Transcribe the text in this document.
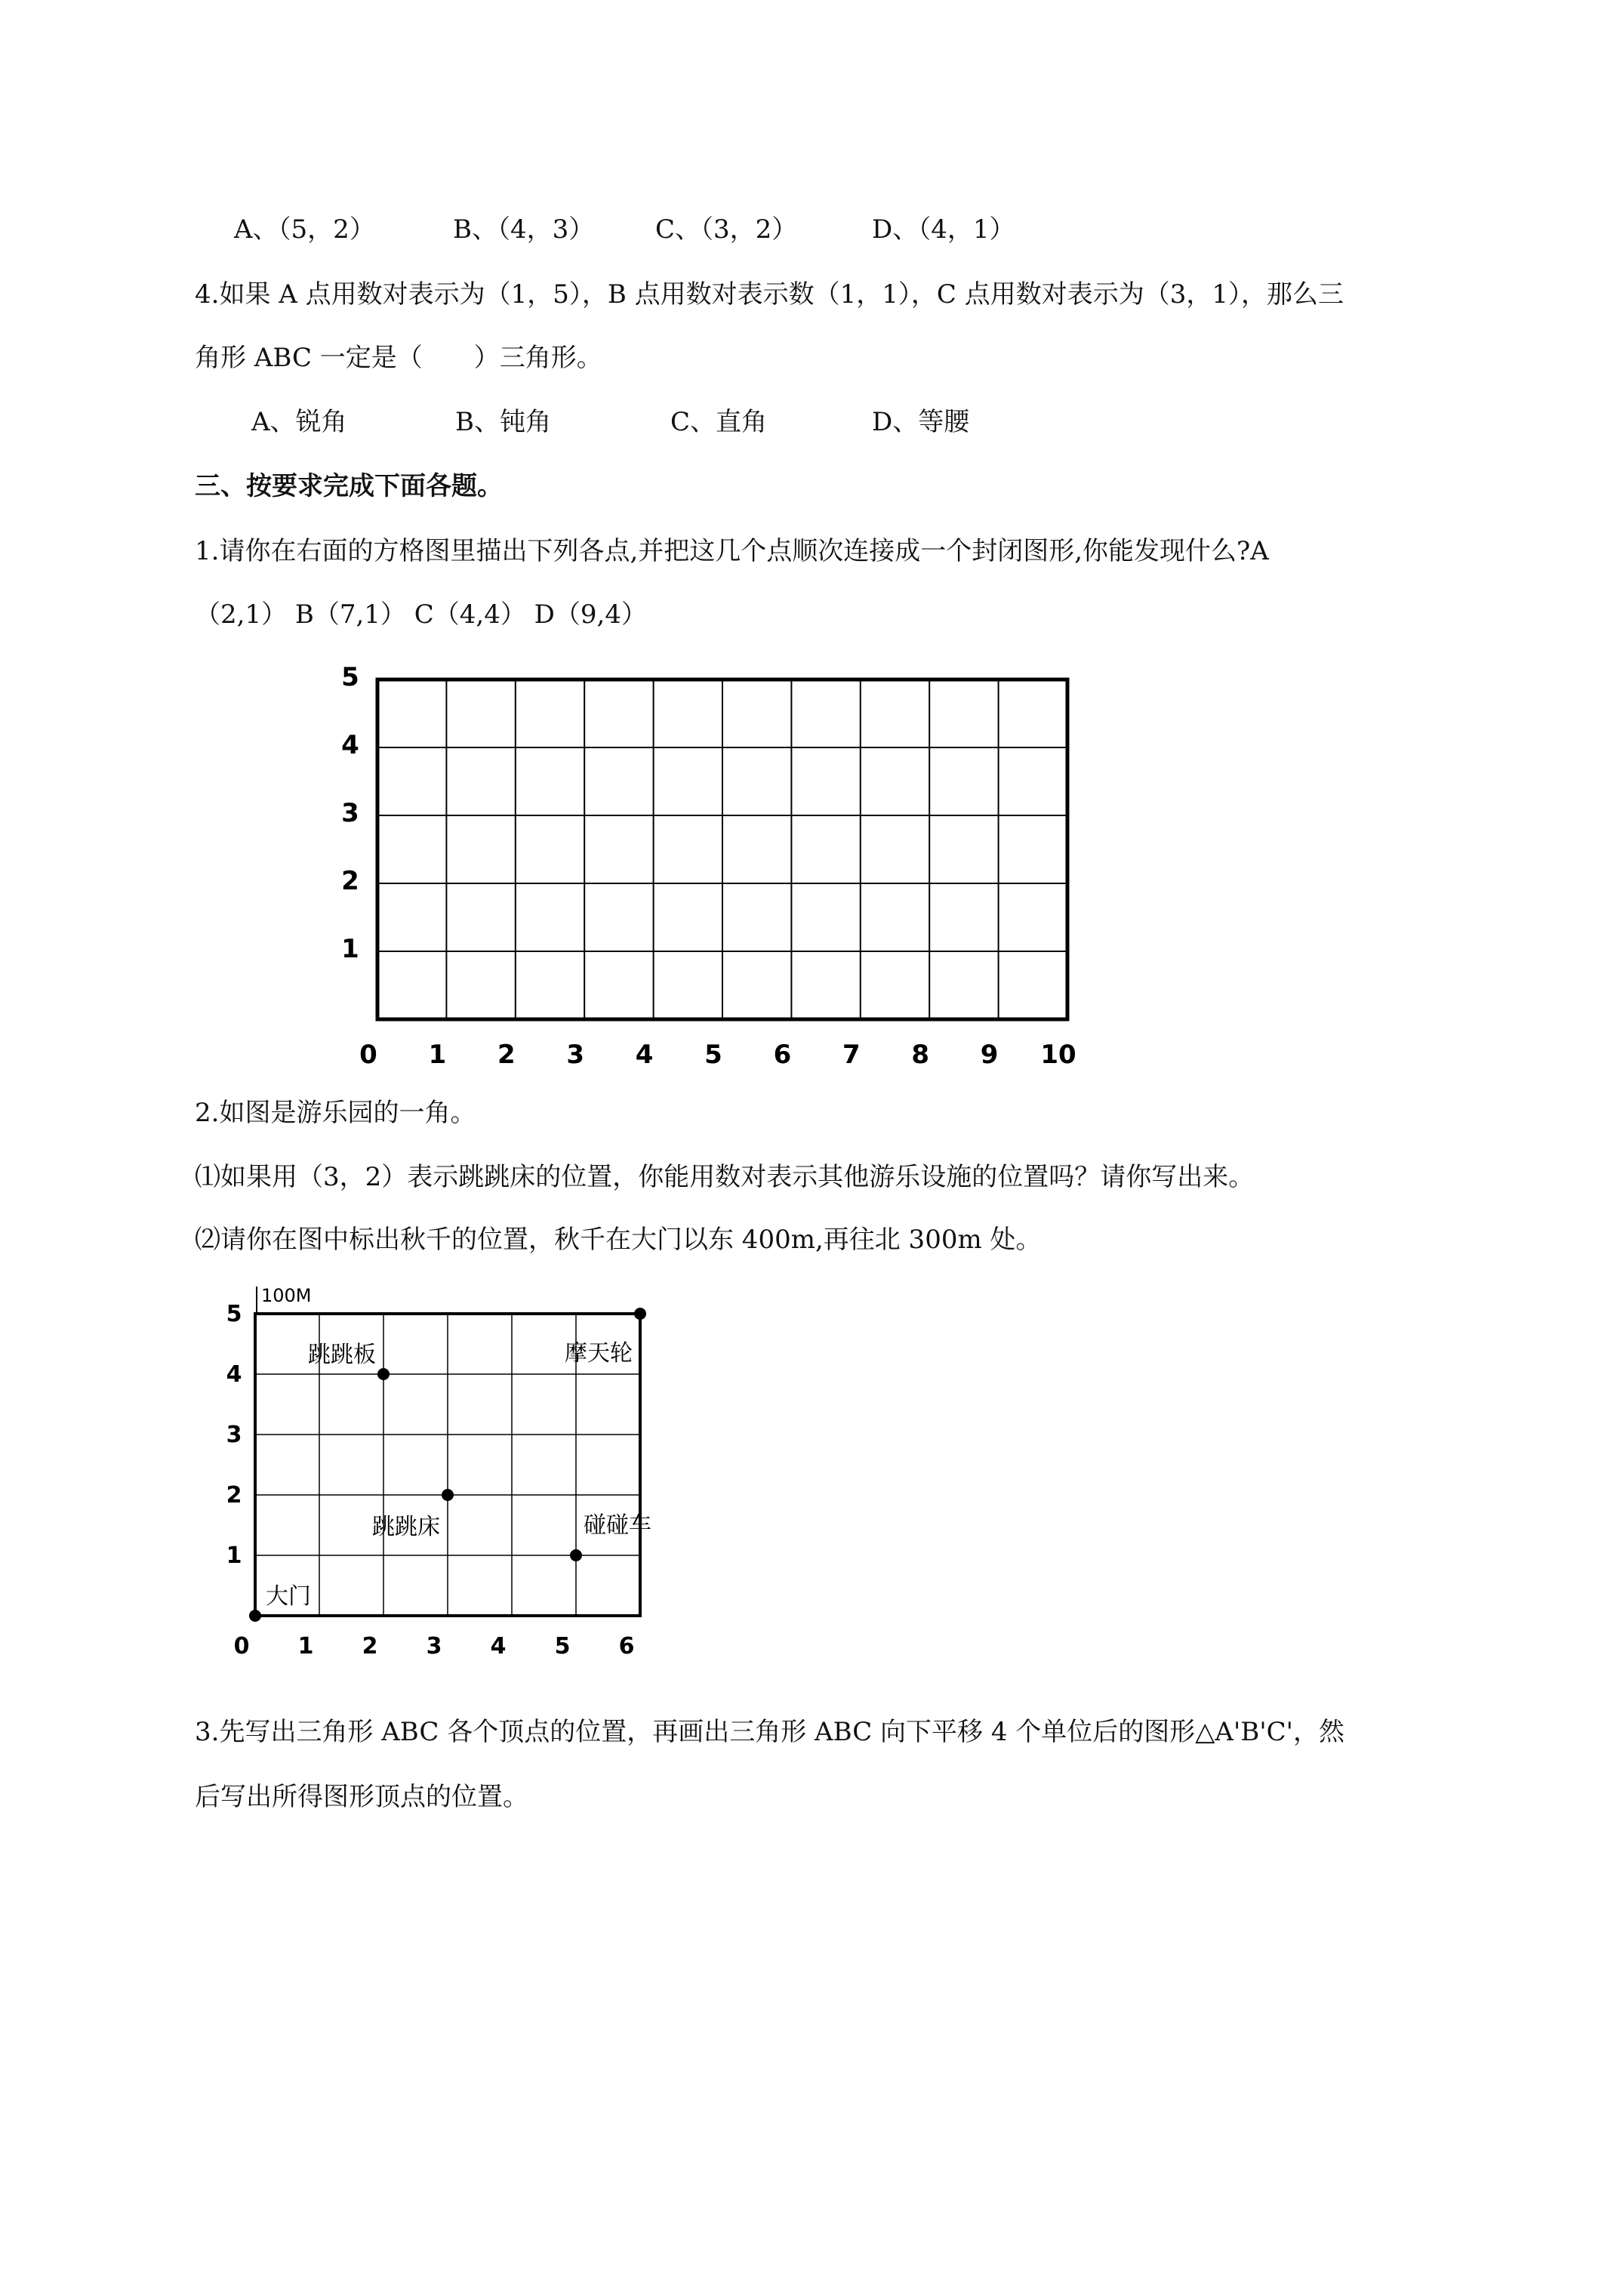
A、（5，2）	B、（4，3） C、（3，2）	D、（4，1）
4.如果 A 点用数对表示为（1，5），B 点用数对表示数（1，1），C 点用数对表示为（3，1），那么三
角形 ABC 一定是（　　）三角形。
A、锐角	B、钝角	C、直角	D、等腰
三、按要求完成下面各题。
1.请你在右面的方格图里描出下列各点,并把这几个点顺次连接成一个封闭图形,你能发现什么?A
（2,1） B（7,1） C（4,4） D（9,4）
0 1 2 3 4 5 6 7 8 9 10
1
2
3
4
5
2.如图是游乐园的一角。
⑴如果用（3，2）表示跳跳床的位置，你能用数对表示其他游乐设施的位置吗？请你写出来。
⑵请你在图中标出秋千的位置，秋千在大门以东 400m,再往北 300m 处。
100M
0 1 2 3 4 5 6
1
2
3
4
5
大门
跳跳板
跳跳床
摩天轮
碰碰车
3.先写出三角形 ABC 各个顶点的位置，再画出三角形 ABC 向下平移 4 个单位后的图形△A'B'C'，然
后写出所得图形顶点的位置。
